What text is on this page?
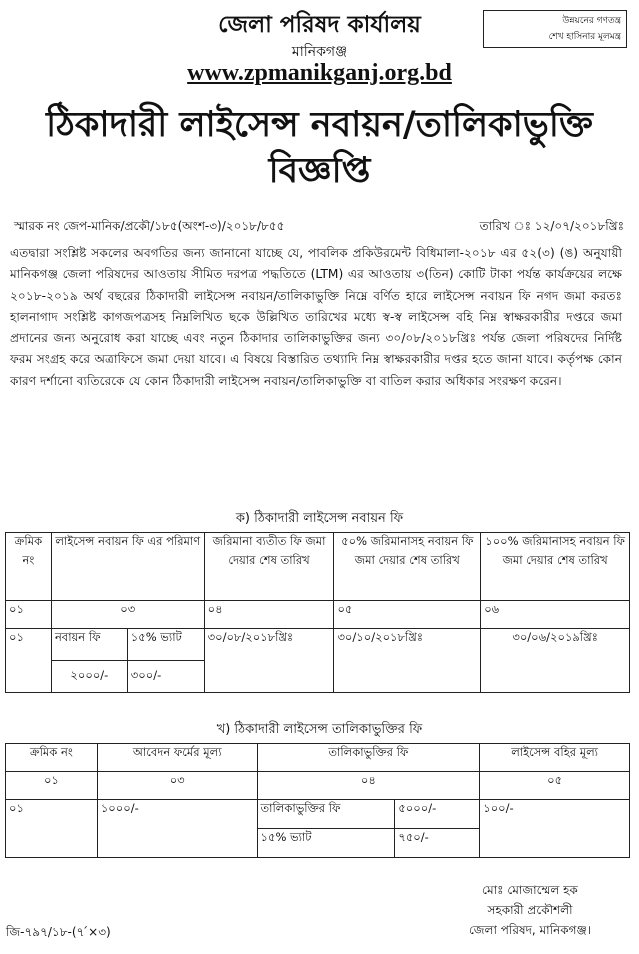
জেলা পরিষদ কার্যালয়
মানিকগঞ্জ
www.zpmanikganj.org.bd
উন্নয়নের গণতন্ত্র
শেখ হাসিনার মূলমন্ত্র
ঠিকাদারী লাইসেন্স নবায়ন/তালিকাভুক্তি
বিজ্ঞপ্তি
স্মারক নং জেপ-মানিক/প্রকৌ/১৮৫(অংশ-৩)/২০১৮/৮৫৫	তারিখ ঃ ১২/০৭/২০১৮খ্রিঃ
এতদ্বারা সংশ্লিষ্ট সকলের অবগতির জন্য জানানো যাচ্ছে যে, পাবলিক প্রকিউরমেন্ট বিধিমালা-২০১৮ এর ৫২(৩) (ঙ) অনুযায়ী মানিকগঞ্জ জেলা পরিষদের আওতায় সীমিত দরপত্র পদ্ধতিতে (LTM) এর আওতায় ৩(তিন) কোটি টাকা পর্যন্ত কার্যক্রয়ের লক্ষে ২০১৮-২০১৯ অর্থ বছরের ঠিকাদারী লাইসেন্স নবায়ন/তালিকাভুক্তি নিম্নে বর্ণিত হারে লাইসেন্স নবায়ন ফি নগদ জমা করতঃ হালনাগাদ সংশ্লিষ্ট কাগজপত্রসহ নিম্নলিখিত ছকে উল্লিখিত তারিখের মধ্যে স্ব-স্ব লাইসেন্স বহি নিম্ন স্বাক্ষরকারীর দপ্তরে জমা প্রদানের জন্য অনুরোধ করা যাচ্ছে এবং নতুন ঠিকাদার তালিকাভুক্তির জন্য ৩০/০৮/২০১৮খ্রিঃ পর্যন্ত জেলা পরিষদের নির্দিষ্ট ফরম সংগ্রহ করে অত্রাফিসে জমা দেয়া যাবে। এ বিষয়ে বিস্তারিত তথ্যাদি নিম্ন স্বাক্ষরকারীর দপ্তর হতে জানা যাবে। কর্তৃপক্ষ কোন কারণ দর্শানো ব্যতিরেকে যে কোন ঠিকাদারী লাইসেন্স নবায়ন/তালিকাভুক্তি বা বাতিল করার অধিকার সংরক্ষণ করেন।
ক) ঠিকাদারী লাইসেন্স নবায়ন ফি
ক্রমিক নং	লাইসেন্স নবায়ন ফি এর পরিমাণ		জরিমানা ব্যতীত ফি জমা দেয়ার শেষ তারিখ	৫০% জরিমানাসহ নবায়ন ফি জমা দেয়ার শেষ তারিখ	১০০% জরিমানাসহ নবায়ন ফি জমা দেয়ার শেষ তারিখ
০১	০৩		০৪	০৫	০৬
০১	নবায়ন ফি	১৫% ভ্যাট	৩০/০৮/২০১৮খ্রিঃ	৩০/১০/২০১৮খ্রিঃ	৩০/০৬/২০১৯খ্রিঃ
	২০০০/-	৩০০/-			
খ) ঠিকাদারী লাইসেন্স তালিকাভুক্তির ফি
ক্রমিক নং	আবেদন ফর্মের মূল্য	তালিকাভুক্তির ফি		লাইসেন্স বহির মূল্য
০১	০৩	০৪		০৫
০১	১০০০/-	তালিকাভুক্তির ফি	৫০০০/-	১০০/-
		১৫% ভ্যাট	৭৫০/-	
মোঃ মোজাম্মেল হক
সহকারী প্রকৌশলী
জেলা পরিষদ, মানিকগঞ্জ।
জি-৭৯৭/১৮-(৭ ́×৩)
